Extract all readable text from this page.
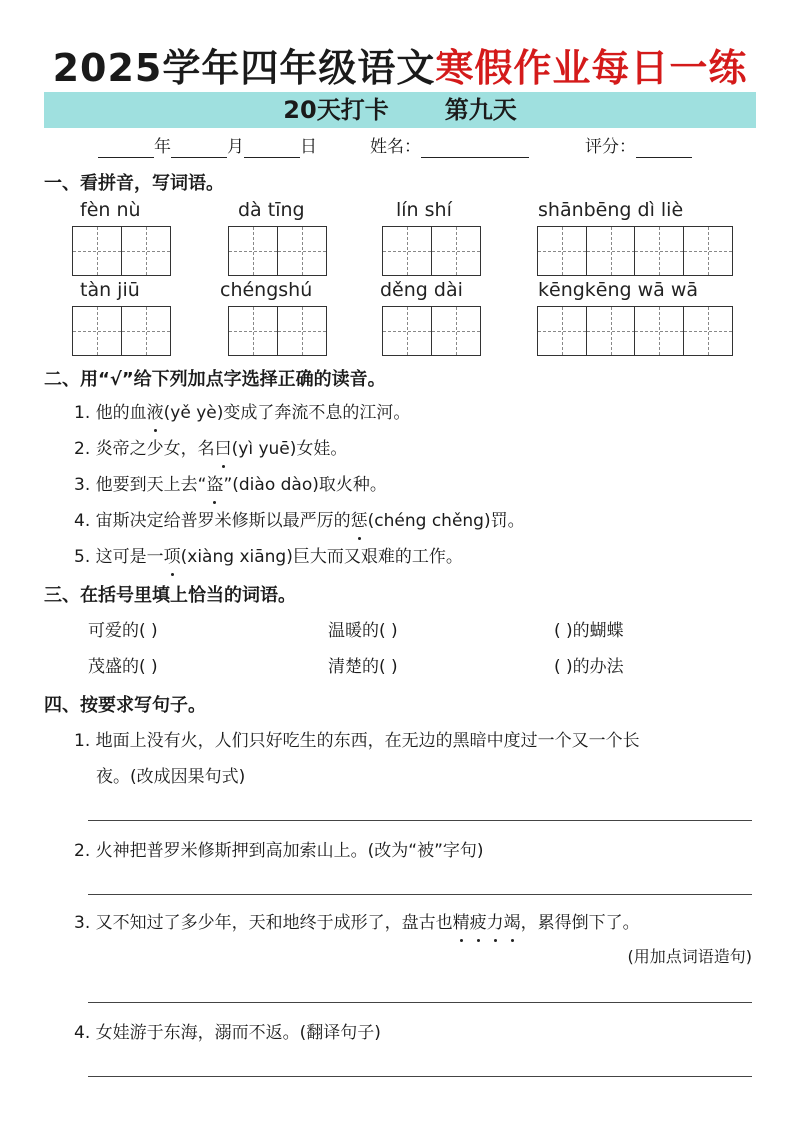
2025学年四年级语文寒假作业每日一练
20天打卡 第九天
年	月	日	姓名：	评分：
一、看拼音，写词语。
fèn nù	dà tīng	lín shí	shānbēng dì liè
tàn jiū	chéngshú	děng dài	kēngkēng wā wā
二、用“√”给下列加点字选择正确的读音。
1. 他的血液(yě yè)变成了奔流不息的江河。
2. 炎帝之少女，名曰(yì yuē)女娃。
3. 他要到天上去“盗”(diào dào)取火种。
4. 宙斯决定给普罗米修斯以最严厉的惩(chéng chěng)罚。
5. 这可是一项(xiàng xiāng)巨大而又艰难的工作。
三、在括号里填上恰当的词语。
可爱的( )	温暖的( )	( )的蝴蝶
茂盛的( )	清楚的( )	( )的办法
四、按要求写句子。
1. 地面上没有火，人们只好吃生的东西，在无边的黑暗中度过一个又一个长
夜。(改成因果句式)
2. 火神把普罗米修斯押到高加索山上。(改为“被”字句)
3. 又不知过了多少年，天和地终于成形了，盘古也精疲力竭，累得倒下了。
(用加点词语造句)
4. 女娃游于东海，溺而不返。(翻译句子)
